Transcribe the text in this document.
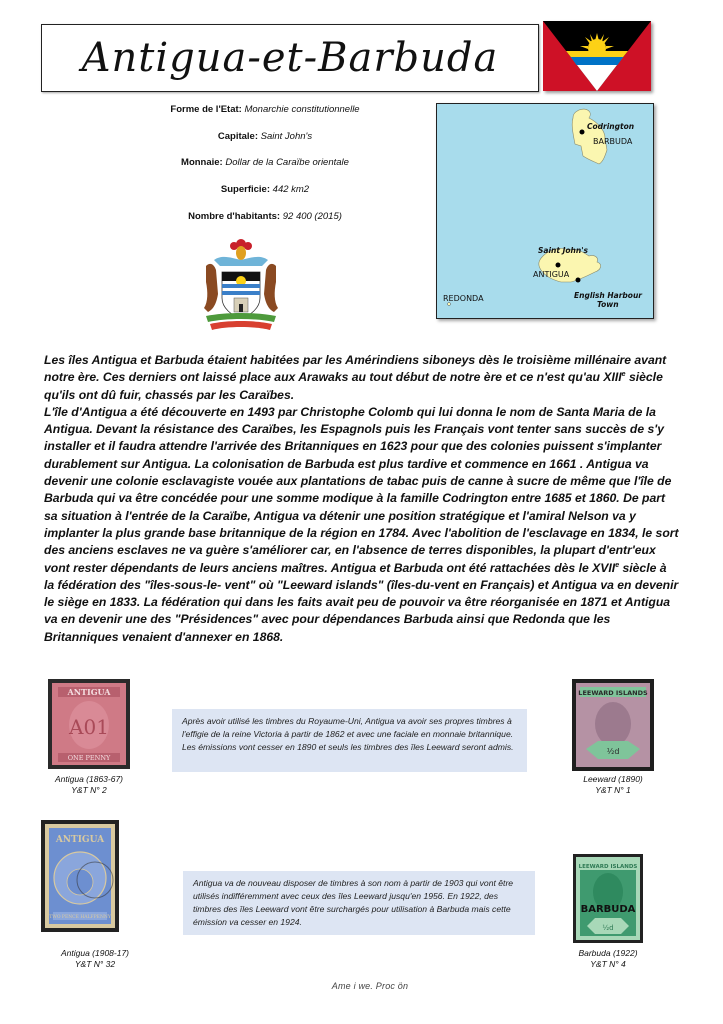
Antigua-et-Barbuda
Forme de l'Etat: Monarchie constitutionnelle
Capitale: Saint John's
Monnaie: Dollar de la Caraïbe orientale
Superficie: 442 km2
Nombre d'habitants: 92 400 (2015)
Codrington
BARBUDA
Saint John's
ANTIGUA
REDONDA	English Harbour
Town

Les îles Antigua et Barbuda étaient habitées par les Amérindiens siboneys dès le troisième millénaire avant notre ère. Ces derniers ont laissé place aux Arawaks au tout début de notre ère et ce n'est qu'au XIIIe siècle qu'ils ont dû fuir, chassés par les Caraïbes.

L'île d'Antigua a été découverte en 1493 par Christophe Colomb qui lui donna le nom de Santa Maria de la Antigua. Devant la résistance des Caraïbes, les Espagnols puis les Français vont tenter sans succès de s'y installer et il faudra attendre l'arrivée des Britanniques en 1623 pour que des colonies puissent s'implanter durablement sur Antigua. La colonisation de Barbuda est plus tardive et commence en 1661 . Antigua va devenir une colonie esclavagiste vouée aux plantations de tabac puis de canne à sucre de même que l'île de Barbuda qui va être concédée pour une somme modique à la famille Codrington entre 1685 et 1860. De part sa situation à l'entrée de la Caraïbe, Antigua va détenir une position stratégique et l'amiral Nelson va y implanter la plus grande base britannique de la région en 1784. Avec l'abolition de l'esclavage en 1834, le sort des anciens esclaves ne va guère s'améliorer car, en l'absence de terres disponibles, la plupart d'entr'eux vont rester dépendants de leurs anciens maîtres. Antigua et Barbuda ont été rattachées dès le XVIIe siècle à la fédération des "îles-sous-le- vent" où "Leeward islands" (îles-du-vent en Français) et Antigua va en devenir le siège en 1833. La fédération qui dans les faits avait peu de pouvoir va être réorganisée en 1871 et Antigua va en devenir une des "Présidences" avec pour dépendances Barbuda ainsi que Redonda que les Britanniques venaient d'annexer en 1868.

ANTIGUA
A01
ONE PENNY
Antigua (1863-67)
Y&T N° 2
Après avoir utilisé les timbres du Royaume-Uni, Antigua va avoir ses propres timbres à l'effigie de la reine Victoria à partir de 1862 et avec une faciale en monnaie britannique. Les émissions vont cesser en 1890 et seuls les timbres des îles Leeward seront admis.
LEEWARD ISLANDS
½d
Leeward (1890)
Y&T N° 1
ANTIGUA
TWO PENCE HALFPENNY
Antigua (1908-17)
Y&T N° 32
Antigua va de nouveau disposer de timbres à son nom à partir de 1903 qui vont être utilisés indifféremment avec ceux des îles Leeward jusqu'en 1956. En 1922, des timbres des îles Leeward vont être surchargés pour utilisation à Barbuda mais cette émission va cesser en 1924.
LEEWARD ISLANDS
BARBUDA
½d
Barbuda (1922)
Y&T N° 4
Ame i we. Proc ön
